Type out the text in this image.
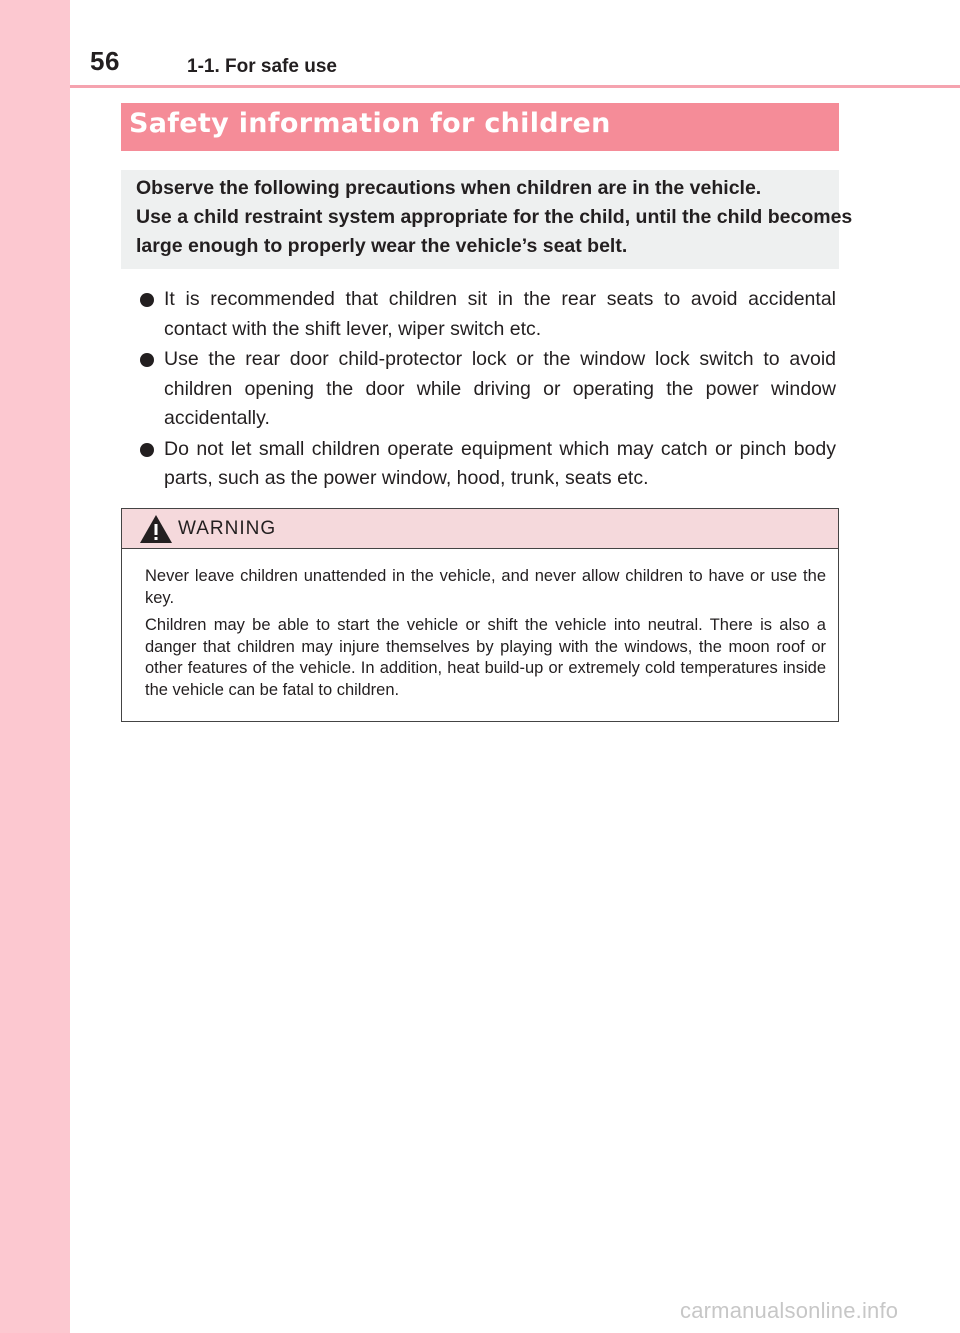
56	1-1. For safe use
Safety information for children
Observe the following precautions when children are in the vehicle.
Use a child restraint system appropriate for the child, until the child becomes
large enough to properly wear the vehicle’s seat belt.
It is recommended that children sit in the rear seats to avoid accidental contact with the shift lever, wiper switch etc.
Use the rear door child-protector lock or the window lock switch to avoid children opening the door while driving or operating the power window accidentally.
Do not let small children operate equipment which may catch or pinch body parts, such as the power window, hood, trunk, seats etc.
WARNING

Never leave children unattended in the vehicle, and never allow children to have or use the key.

Children may be able to start the vehicle or shift the vehicle into neutral. There is also a danger that children may injure themselves by playing with the windows, the moon roof or other features of the vehicle. In addition, heat build-up or extremely cold temperatures inside the vehicle can be fatal to children.

carmanualsonline.info
